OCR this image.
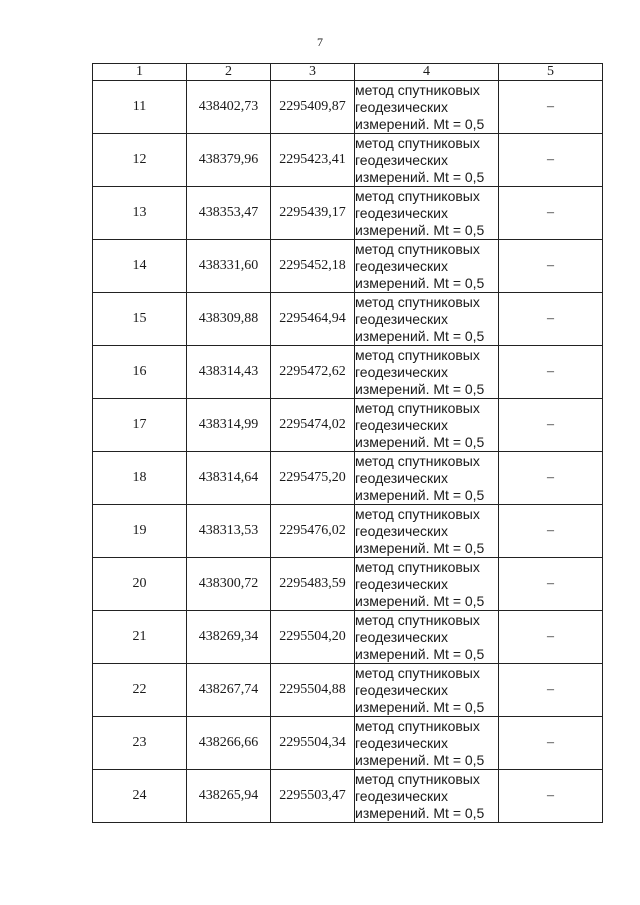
7
1	2	3	4	5
11	438402,73	2295409,87	метод спутниковых
геодезических
измерений. Mt = 0,5	–
12	438379,96	2295423,41	метод спутниковых
геодезических
измерений. Mt = 0,5	–
13	438353,47	2295439,17	метод спутниковых
геодезических
измерений. Mt = 0,5	–
14	438331,60	2295452,18	метод спутниковых
геодезических
измерений. Mt = 0,5	–
15	438309,88	2295464,94	метод спутниковых
геодезических
измерений. Mt = 0,5	–
16	438314,43	2295472,62	метод спутниковых
геодезических
измерений. Mt = 0,5	–
17	438314,99	2295474,02	метод спутниковых
геодезических
измерений. Mt = 0,5	–
18	438314,64	2295475,20	метод спутниковых
геодезических
измерений. Mt = 0,5	–
19	438313,53	2295476,02	метод спутниковых
геодезических
измерений. Mt = 0,5	–
20	438300,72	2295483,59	метод спутниковых
геодезических
измерений. Mt = 0,5	–
21	438269,34	2295504,20	метод спутниковых
геодезических
измерений. Mt = 0,5	–
22	438267,74	2295504,88	метод спутниковых
геодезических
измерений. Mt = 0,5	–
23	438266,66	2295504,34	метод спутниковых
геодезических
измерений. Mt = 0,5	–
24	438265,94	2295503,47	метод спутниковых
геодезических
измерений. Mt = 0,5	–
